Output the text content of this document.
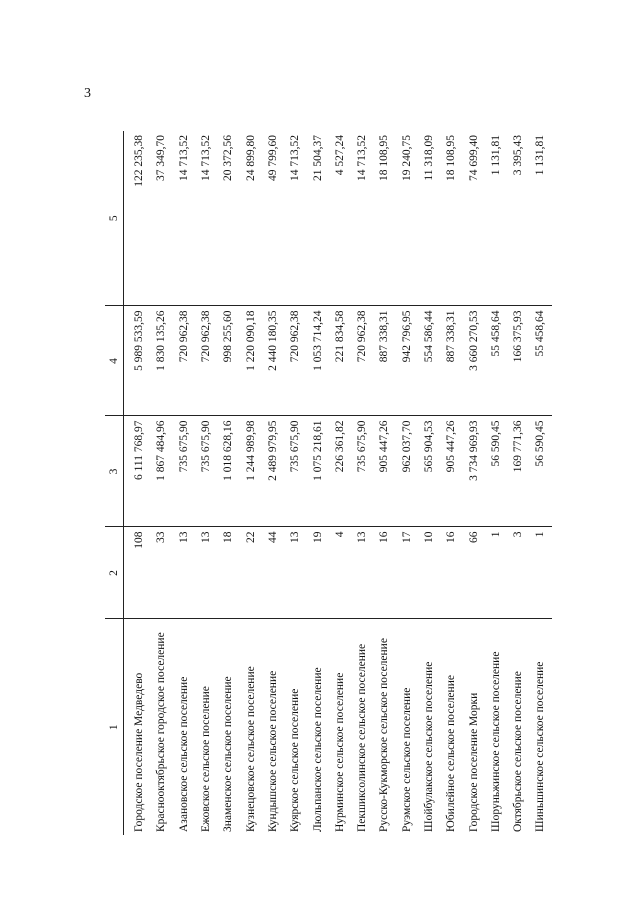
3
1	2	3	4	5
Городское поселение Медведево	108	6 111 768,97	5 989 533,59	122 235,38
Краснооктябрьское городское поселение	33	1 867 484,96	1 830 135,26	37 349,70
Азановское сельское поселение	13	735 675,90	720 962,38	14 713,52
Ежовское сельское поселение	13	735 675,90	720 962,38	14 713,52
Знаменское сельское поселение	18	1 018 628,16	998 255,60	20 372,56
Кузнецовское сельское поселение	22	1 244 989,98	1 220 090,18	24 899,80
Кундышское сельское поселение	44	2 489 979,95	2 440 180,35	49 799,60
Куярское сельское поселение	13	735 675,90	720 962,38	14 713,52
Люльпанское сельское поселение	19	1 075 218,61	1 053 714,24	21 504,37
Нурминское сельское поселение	4	226 361,82	221 834,58	4 527,24
Пекшиксолинское сельское поселение	13	735 675,90	720 962,38	14 713,52
Русско-Кукморское сельское поселение	16	905 447,26	887 338,31	18 108,95
Руэмское сельское поселение	17	962 037,70	942 796,95	19 240,75
Шойбулакское сельское поселение	10	565 904,53	554 586,44	11 318,09
Юбилейное сельское поселение	16	905 447,26	887 338,31	18 108,95
Городское поселение Морки	66	3 734 969,93	3 660 270,53	74 699,40
Шоруньжинское сельское поселение	1	56 590,45	55 458,64	1 131,81
Октябрьское сельское поселение	3	169 771,36	166 375,93	3 395,43
Шиньшинское сельское поселение	1	56 590,45	55 458,64	1 131,81
